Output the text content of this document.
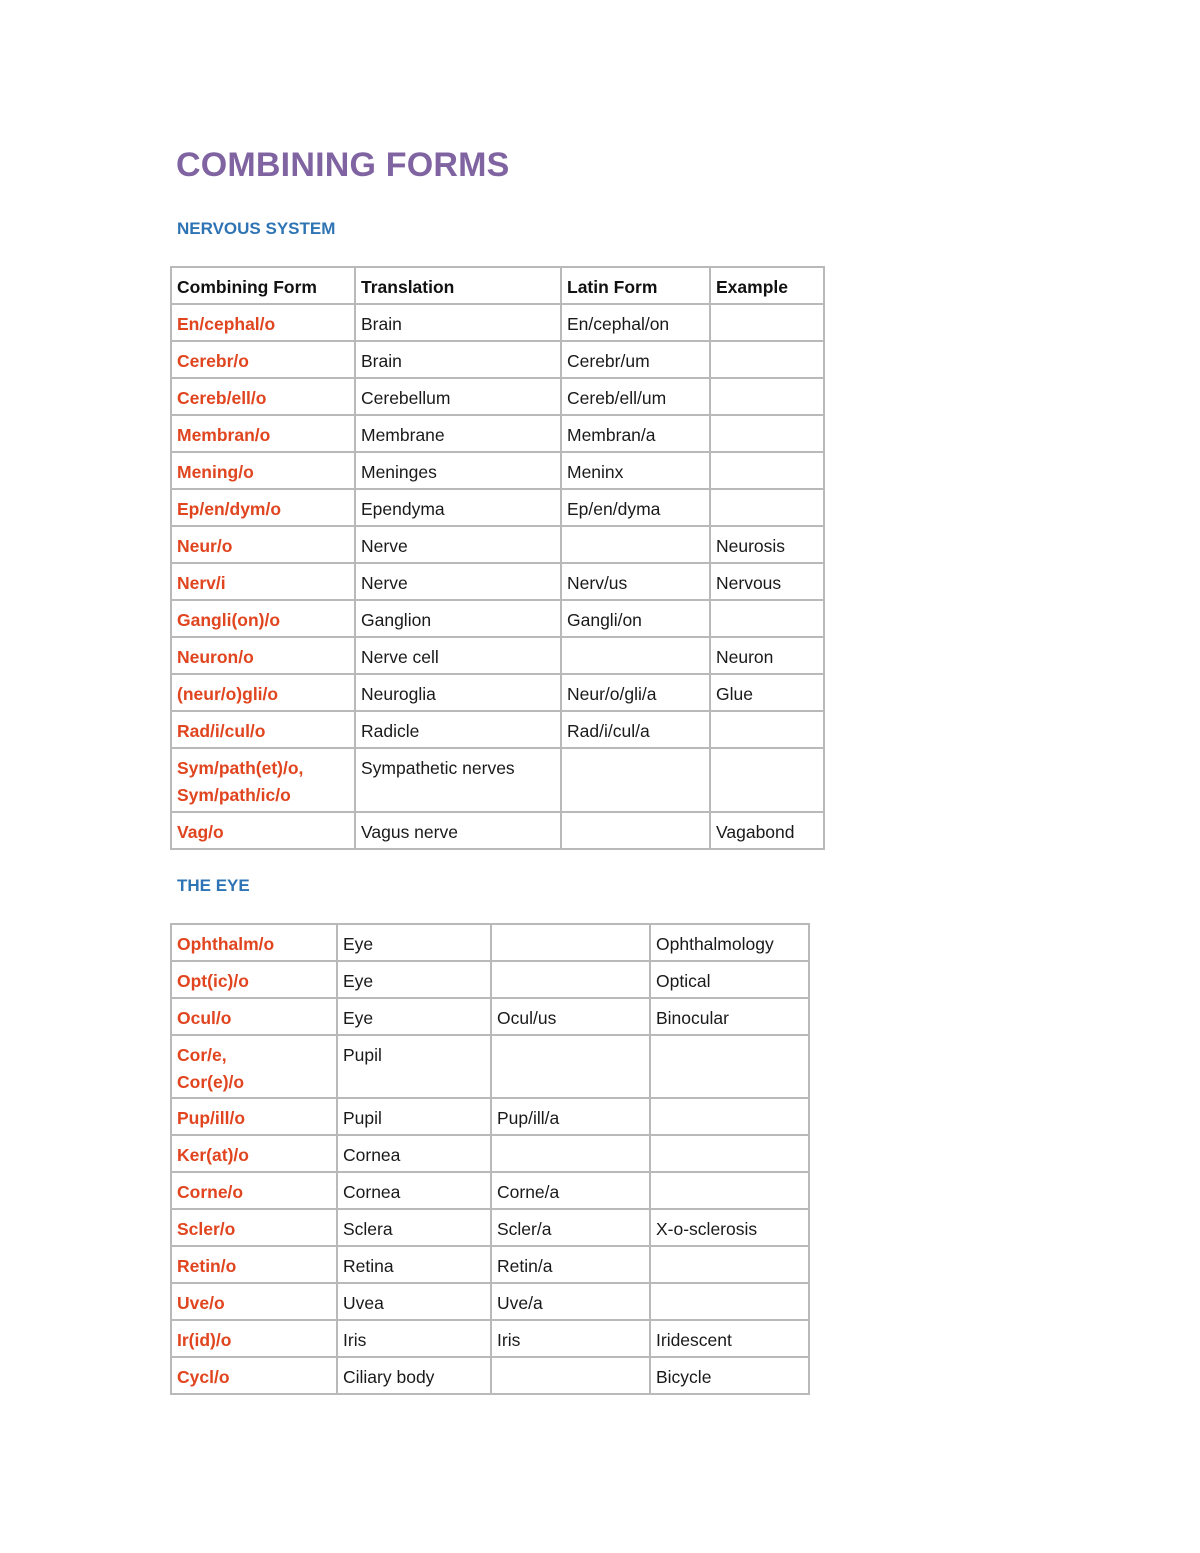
COMBINING FORMS
NERVOUS SYSTEM
Combining Form	Translation	Latin Form	Example
En/cephal/o	Brain	En/cephal/on	
Cerebr/o	Brain	Cerebr/um	
Cereb/ell/o	Cerebellum	Cereb/ell/um	
Membran/o	Membrane	Membran/a	
Mening/o	Meninges	Meninx	
Ep/en/dym/o	Ependyma	Ep/en/dyma	
Neur/o	Nerve		Neurosis
Nerv/i	Nerve	Nerv/us	Nervous
Gangli(on)/o	Ganglion	Gangli/on	
Neuron/o	Nerve cell		Neuron
(neur/o)gli/o	Neuroglia	Neur/o/gli/a	Glue
Rad/i/cul/o	Radicle	Rad/i/cul/a	
Sym/path(et)/o,
Sym/path/ic/o	Sympathetic nerves		
Vag/o	Vagus nerve		Vagabond
THE EYE
Ophthalm/o	Eye		Ophthalmology
Opt(ic)/o	Eye		Optical
Ocul/o	Eye	Ocul/us	Binocular
Cor/e,
Cor(e)/o	Pupil		
Pup/ill/o	Pupil	Pup/ill/a	
Ker(at)/o	Cornea		
Corne/o	Cornea	Corne/a	
Scler/o	Sclera	Scler/a	X-o-sclerosis
Retin/o	Retina	Retin/a	
Uve/o	Uvea	Uve/a	
Ir(id)/o	Iris	Iris	Iridescent
Cycl/o	Ciliary body		Bicycle
